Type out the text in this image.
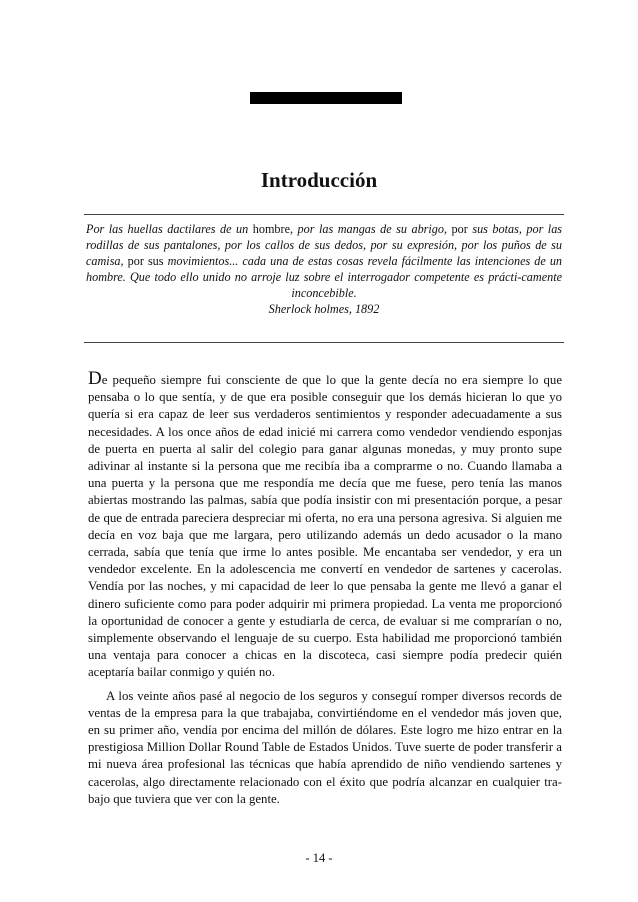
Introducción
Por las huellas dactilares de un hombre, por las mangas de su abrigo, por sus botas, por las rodillas de sus pantalones, por los callos de sus dedos, por su expresión, por los puños de su camisa, por sus movimientos... cada una de estas cosas revela fácilmente las intenciones de un hombre. Que todo ello unido no arroje luz sobre el interrogador competente es prácti-camente inconcebible.
Sherlock holmes, 1892

De pequeño siempre fui consciente de que lo que la gente decía no era siempre lo que pensaba o lo que sentía, y de que era posible conseguir que los demás hicieran lo que yo quería si era capaz de leer sus verdaderos sentimientos y responder adecuadamente a sus necesidades. A los once años de edad inicié mi carrera como vendedor vendiendo esponjas de puerta en puerta al salir del colegio para ganar algunas monedas, y muy pronto supe adivinar al instante si la persona que me recibía iba a comprarme o no. Cuando llamaba a una puerta y la persona que me respondía me decía que me fuese, pero tenía las manos abiertas mostrando las palmas, sabía que podía insistir con mi presentación porque, a pesar de que de entrada pareciera despreciar mi oferta, no era una persona agresiva. Si alguien me decía en voz baja que me largara, pero utilizando además un dedo acusador o la mano cerrada, sabía que tenía que irme lo antes posible. Me encantaba ser vendedor, y era un vendedor excelente. En la adolescencia me convertí en vendedor de sartenes y cacerolas. Vendía por las noches, y mi capacidad de leer lo que pensaba la gente me llevó a ganar el dinero suficiente como para poder adquirir mi primera propiedad. La venta me proporcionó la oportunidad de conocer a gente y estudiarla de cerca, de evaluar si me comprarían o no, simplemente observando el lenguaje de su cuerpo. Esta habilidad me proporcionó también una ventaja para conocer a chicas en la discoteca, casi siempre podía predecir quién aceptaría bailar conmigo y quién no.

A los veinte años pasé al negocio de los seguros y conseguí romper diversos records de ventas de la empresa para la que trabajaba, convirtiéndome en el vendedor más joven que, en su primer año, vendía por encima del millón de dólares. Este logro me hizo entrar en la prestigiosa Million Dollar Round Table de Estados Unidos. Tuve suerte de poder transferir a mi nueva área profesional las técnicas que había aprendido de niño vendiendo sartenes y cacerolas, algo directamente relacionado con el éxito que podría alcanzar en cualquier tra-bajo que tuviera que ver con la gente.

- 14 -
